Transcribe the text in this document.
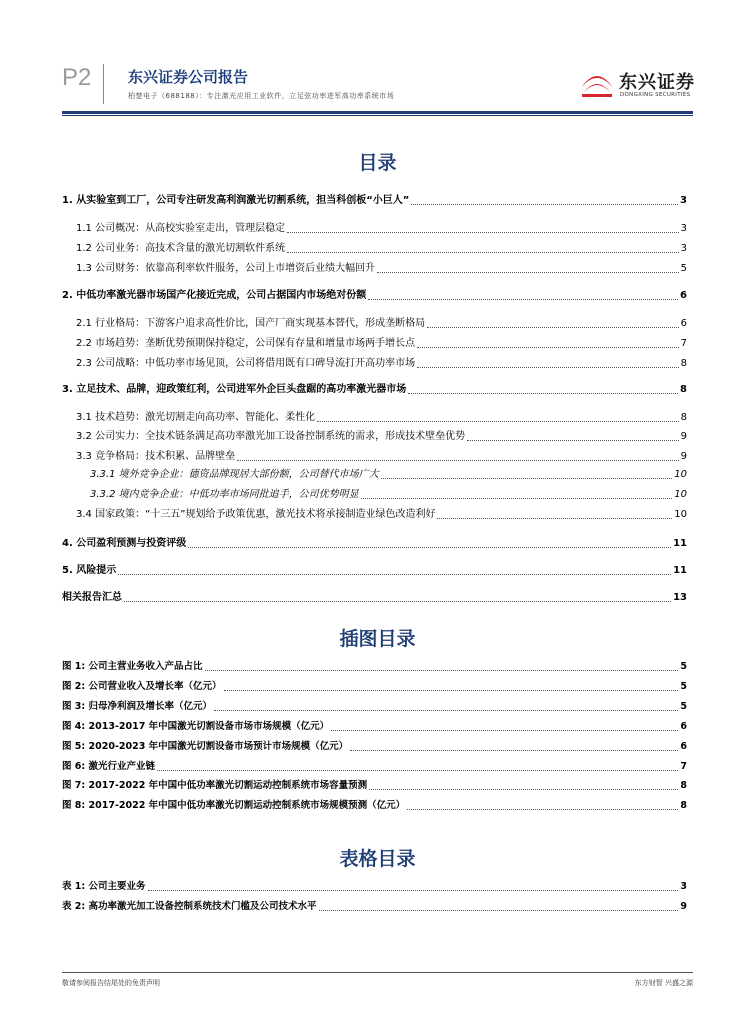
P2 东兴证券公司报告
柏楚电子（688188）：专注激光应用工业软件，立足弦功率进军高功率系统市场
东兴证券
DONGXING SECURITIES
目录
1. 从实验室到工厂，公司专注研发高利润激光切割系统，担当科创板“小巨人”	3
1.1 公司概况：从高校实验室走出，管理层稳定	3
1.2 公司业务：高技术含量的激光切割软件系统	3
1.3 公司财务：依靠高利率软件服务，公司上市增资后业绩大幅回升	5
2. 中低功率激光器市场国产化接近完成，公司占据国内市场绝对份额	6
2.1 行业格局：下游客户追求高性价比，国产厂商实现基本替代，形成垄断格局	6
2.2 市场趋势：垄断优势预期保持稳定，公司保有存量和增量市场两手增长点	7
2.3 公司战略：中低功率市场见顶，公司将借用既有口碑导流打开高功率市场	8
3. 立足技术、品牌，迎政策红利，公司进军外企巨头盘踞的高功率激光器市场	8
3.1 技术趋势：激光切割走向高功率、智能化、柔性化	8
3.2 公司实力：全技术链条满足高功率激光加工设备控制系统的需求，形成技术壁垒优势	9
3.3 竞争格局：技术积累、品牌壁垒	9
3.3.1 境外竞争企业：德资品牌现居大部份额，公司替代市场广大	10
3.3.2 境内竞争企业：中低功率市场同批追手，公司优势明显	10
3.4 国家政策：“十三五”规划给予政策优惠，激光技术将承接制造业绿色改造利好	10
4. 公司盈利预测与投资评级	11
5. 风险提示	11
相关报告汇总	13
插图目录
图 1: 公司主营业务收入产品占比	5
图 2: 公司营业收入及增长率（亿元）	5
图 3: 归母净利润及增长率（亿元）	5
图 4: 2013-2017 年中国激光切割设备市场市场规模（亿元）	6
图 5: 2020-2023 年中国激光切割设备市场预计市场规模（亿元）	6
图 6: 激光行业产业链	7
图 7: 2017-2022 年中国中低功率激光切割运动控制系统市场容量预测	8
图 8: 2017-2022 年中国中低功率激光切割运动控制系统市场规模预测（亿元）	8
表格目录
表 1: 公司主要业务	3
表 2: 高功率激光加工设备控制系统技术门槛及公司技术水平	9
敬请参阅报告结尾处的免责声明	东方财智 兴盛之源
